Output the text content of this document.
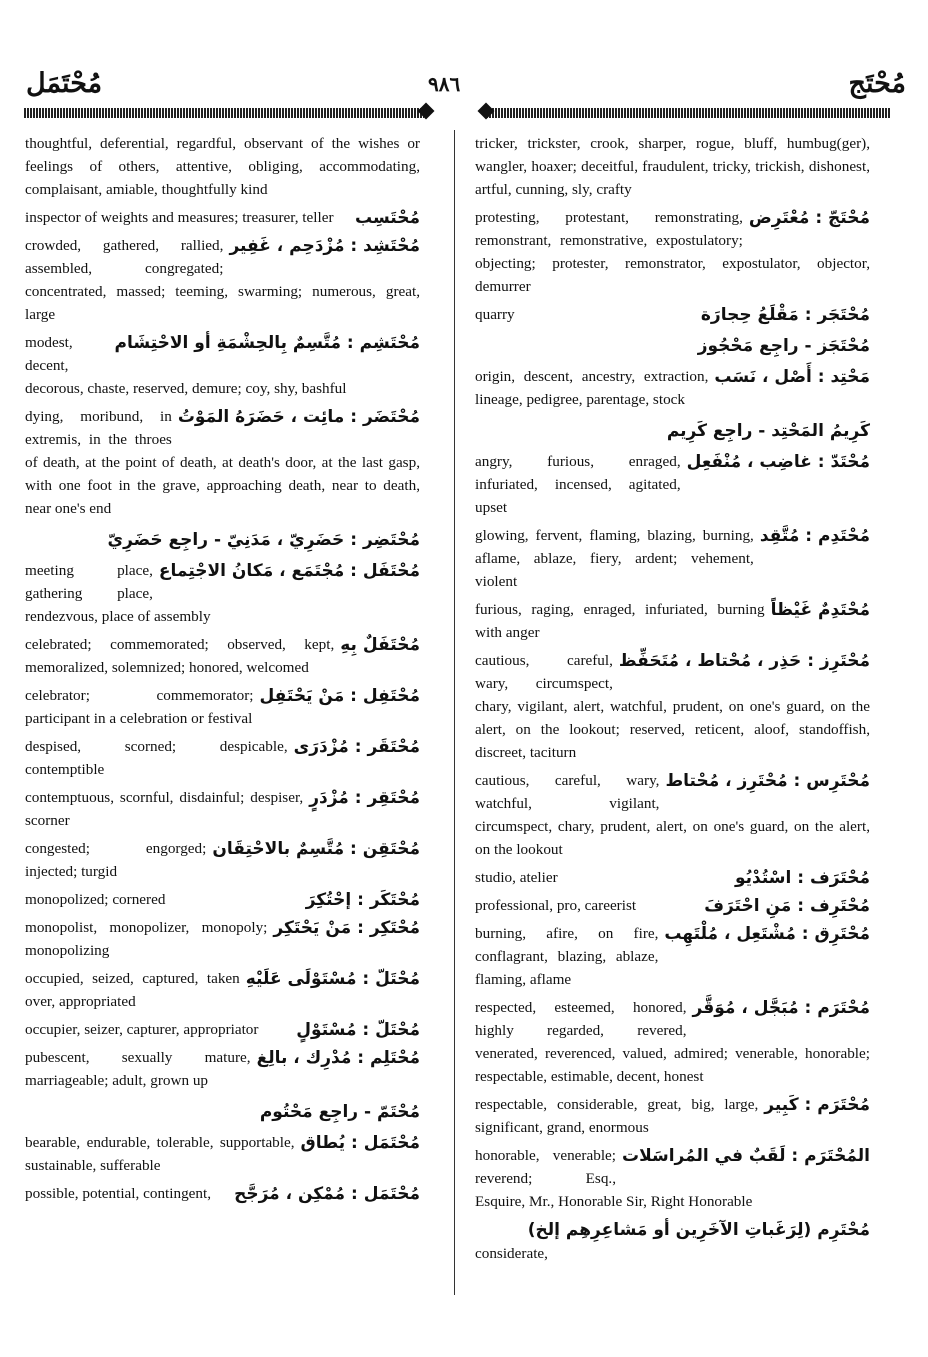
مُحْتَمَل	٩٨٦	مُحْتَج
thoughtful, deferential, regardful, observant of the wishes or feelings of others, attentive, obliging, accommodating, complaisant, amiable, thoughtfully kind
مُحْتَسِب
inspector of weights and measures; treasurer, teller
مُحْتَشِد : مُزْدَحِم ، غَفِير
crowded, gathered, rallied, assembled, congregated; concentrated, massed; teeming, swarming; numerous, great, large
مُحْتَشِم : مُتَّسِمٌ بِالحِشْمَةِ أو الاحْتِشَام
modest, decent, decorous, chaste, reserved, demure; coy, shy, bashful
مُحْتَضَر : مائِت ، حَضَرَهُ المَوْتُ
dying, moribund, in extremis, in the throes of death, at the point of death, at death's door, at the last gasp, with one foot in the grave, approaching death, near to death, near one's end
مُحْتَضِر : حَضَرِيّ ، مَدَنِيّ - راجِع حَضَرِيّ
مُحْتَفَل : مُجْتَمَع ، مَكانُ الاجْتِماع
meeting place, gathering place, rendezvous, place of assembly
مُحْتَفَلٌ بِهِ
celebrated; commemorated; observed, kept, memoralized, solemnized; honored, welcomed
مُحْتَفِل : مَنْ يَحْتَفِل
celebrator; commemorator; participant in a celebration or festival
مُحْتَقَر : مُزْدَرَى
despised, scorned; despicable, contemptible
مُحْتَقِر : مُزْدَرٍ
contemptuous, scornful, disdainful; despiser, scorner
مُحْتَقِن : مُتَّسِمٌ بالاحْتِقَان
congested; engorged; injected; turgid
مُحْتَكَر : إحْتُكِرَ
monopolized; cornered
مُحْتَكِر : مَنْ يَحْتَكِر
monopolist, monopolizer, monopoly; monopolizing
مُحْتَلّ : مُسْتَوْلَى عَلَيْهِ
occupied, seized, captured, taken over, appropriated
مُحْتَلّ : مُسْتَوْلٍ
occupier, seizer, capturer, appropriator
مُحْتَلِم : مُدْرِك ، بالِغ
pubescent, sexually mature, marriageable; adult, grown up
مُحْتَمّ - راجِع مَحْتُوم
مُحْتَمَل : يُطاق
bearable, endurable, tolerable, supportable, sustainable, sufferable
مُحْتَمَل : مُمْكِن ، مُرَجَّح
possible, potential, contingent,
tricker, trickster, crook, sharper, rogue, bluff, humbug(ger), wangler, hoaxer; deceitful, fraudulent, tricky, trickish, dishonest, artful, cunning, sly, crafty
مُحْتَجّ : مُعْتَرِض
protesting, protestant, remonstrating, remonstrant, remonstrative, expostulatory; objecting; protester, remonstrator, expostulator, objector, demurrer
مُحْتَجَر : مَقْلَعُ حِجارَة
quarry
مُحْتَجَز - راجِع مَحْجُوز
مَحْتِد : أَصْل ، نَسَب
origin, descent, ancestry, extraction, lineage, pedigree, parentage, stock
كَرِيمُ المَحْتِد - راجِع كَرِيم
مُحْتَدّ : غاضِب ، مُنْفَعِل
angry, furious, enraged, infuriated, incensed, agitated, upset
مُحْتَدِم : مُتَّقِد
glowing, fervent, flaming, blazing, burning, aflame, ablaze, fiery, ardent; vehement, violent
مُحْتَدِمٌ غَيْظاً
furious, raging, enraged, infuriated, burning with anger
مُحْتَرِز : حَذِر ، مُحْتاط ، مُتَحَفِّظ
cautious, careful, wary, circumspect, chary, vigilant, alert, watchful, prudent, on one's guard, on the alert, on the lookout; reserved, reticent, aloof, standoffish, discreet, taciturn
مُحْتَرِس : مُحْتَرِز ، مُحْتاط
cautious, careful, wary, watchful, vigilant, circumspect, chary, prudent, alert, on one's guard, on the alert, on the lookout
مُحْتَرَف : اسْتُدْيُو
studio, atelier
مُحْتَرِف : مَنِ احْتَرَفَ
professional, pro, careerist
مُحْتَرِق : مُشْتَعِل ، مُلْتَهِب
burning, afire, on fire, conflagrant, blazing, ablaze, flaming, aflame
مُحْتَرَم : مُبَجَّل ، مُوَقَّر
respected, esteemed, honored, highly regarded, revered, venerated, reverenced, valued, admired; venerable, honorable; respectable, estimable, decent, honest
مُحْتَرَم : كَبِير
respectable, considerable, great, big, large, significant, grand, enormous
المُحْتَرَم : لَقَبٌ في المُراسَلات
honorable, venerable; reverend; Esq., Esquire, Mr., Honorable Sir, Right Honorable
مُحْتَرِم (لِرَغَباتِ الآخَرِين أو مَشاعِرِهِم إلخ)
considerate,
